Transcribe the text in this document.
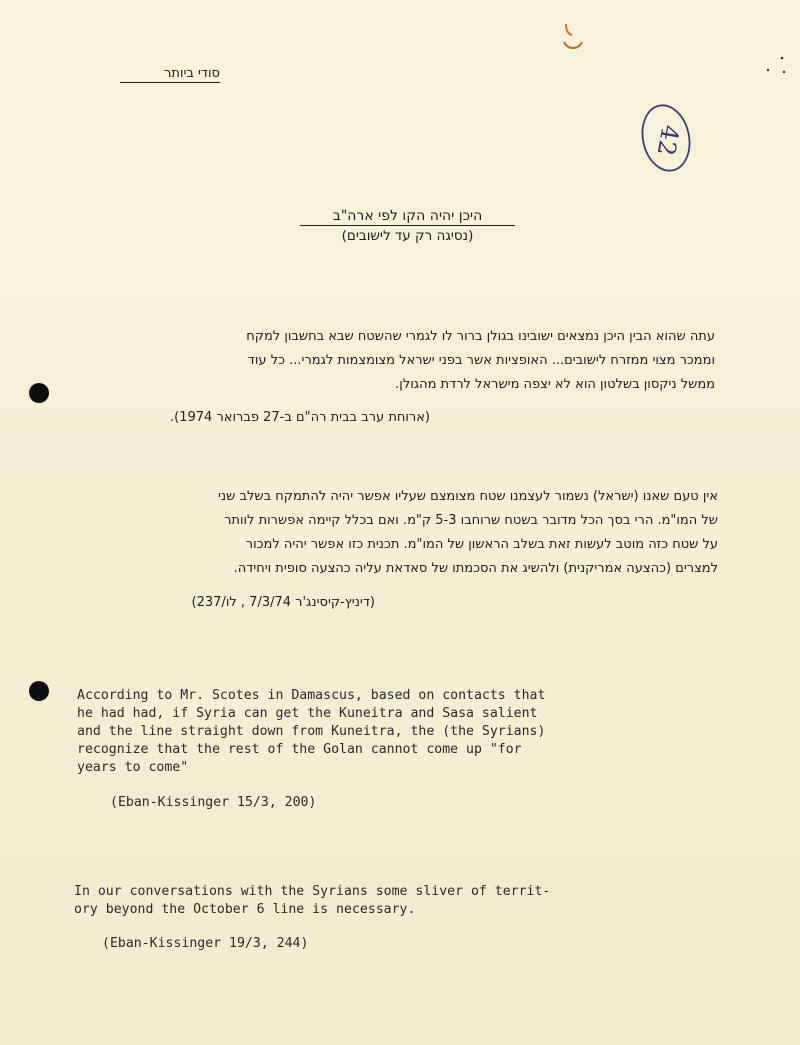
סודי ביותר
42
היכן יהיה הקו לפי ארה"ב
(נסיגה רק עד לישובים)
עתה שהוא הבין היכן נמצאים ישובינו בגולן ברור לו לגמרי שהשטח שבא בחשבון למקח
וממכר מצוי ממזרח לישובים... האופציות אשר בפני ישראל מצומצמות לגמרי... כל עוד
ממשל ניקסון בשלטון הוא לא יצפה מישראל לרדת מהגולן.
(ארוחת ערב בבית רה"ם ב-27 פברואר 1974).
אין טעם שאנו (ישראל) נשמור לעצמנו שטח מצומצם שעליו אפשר יהיה להתמקח בשלב שני
של המו"מ. הרי בסך הכל מדובר בשטח שרוחבו 5-3 ק"מ. ואם בכלל קיימה אפשרות לוותר
על שטח כזה מוטב לעשות זאת בשלב הראשון של המו"מ. תכנית כזו אפשר יהיה למכור
למצרים (כהצעה אמריקנית) ולהשיג את הסכמתו של סאדאת עליה כהצעה סופית ויחידה.
(דיניץ-קיסינג'ר 7/3/74 , לו/237)
According to Mr. Scotes in Damascus, based on contacts that
he had had, if Syria can get the Kuneitra and Sasa salient
and the line straight down from Kuneitra, the (the Syrians)
recognize that the rest of the Golan cannot come up "for
years to come"
(Eban-Kissinger 15/3, 200)
In our conversations with the Syrians some sliver of territ-
ory beyond the October 6 line is necessary.
(Eban-Kissinger 19/3, 244)
